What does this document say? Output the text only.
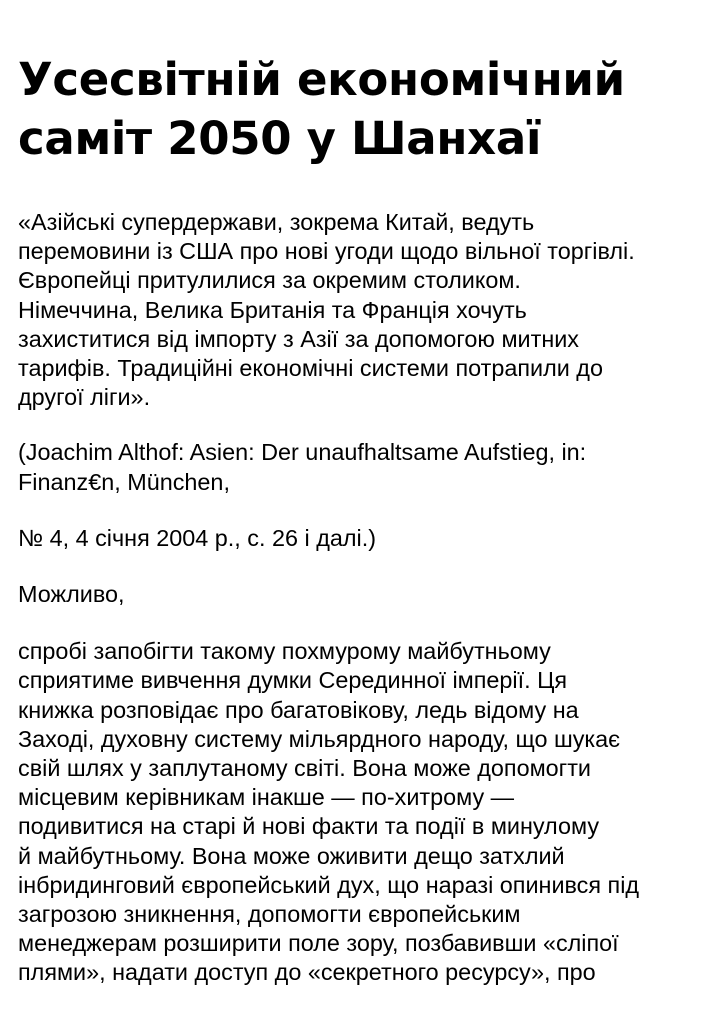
Усесвітній економічний
саміт 2050 у Шанхаї
«Азійські супердержави, зокрема Китай, ведуть
перемовини із США про нові угоди щодо вільної торгівлі.
Європейці притулилися за окремим столиком.
Німеччина, Велика Британія та Франція хочуть
захиститися від імпорту з Азії за допомогою митних
тарифів. Традиційні економічні системи потрапили до
другої ліги».
(Joachim Althof: Asien: Der unaufhaltsame Aufstieg, in:
Finanz€n, München,
№ 4, 4 січня 2004 р., с. 26 і далі.)
Можливо,
спробі запобігти такому похмурому майбутньому
сприятиме вивчення думки Серединної імперії. Ця
книжка розповідає про багатовікову, ледь відому на
Заході, духовну систему мільярдного народу, що шукає
свій шлях у заплутаному світі. Вона може допомогти
місцевим керівникам інакше — по-хитрому —
подивитися на старі й нові факти та події в минулому
й майбутньому. Вона може оживити дещо затхлий
інбридинговий європейський дух, що наразі опинився під
загрозою зникнення, допомогти європейським
менеджерам розширити поле зору, позбавивши «сліпої
плями», надати доступ до «секретного ресурсу», про
